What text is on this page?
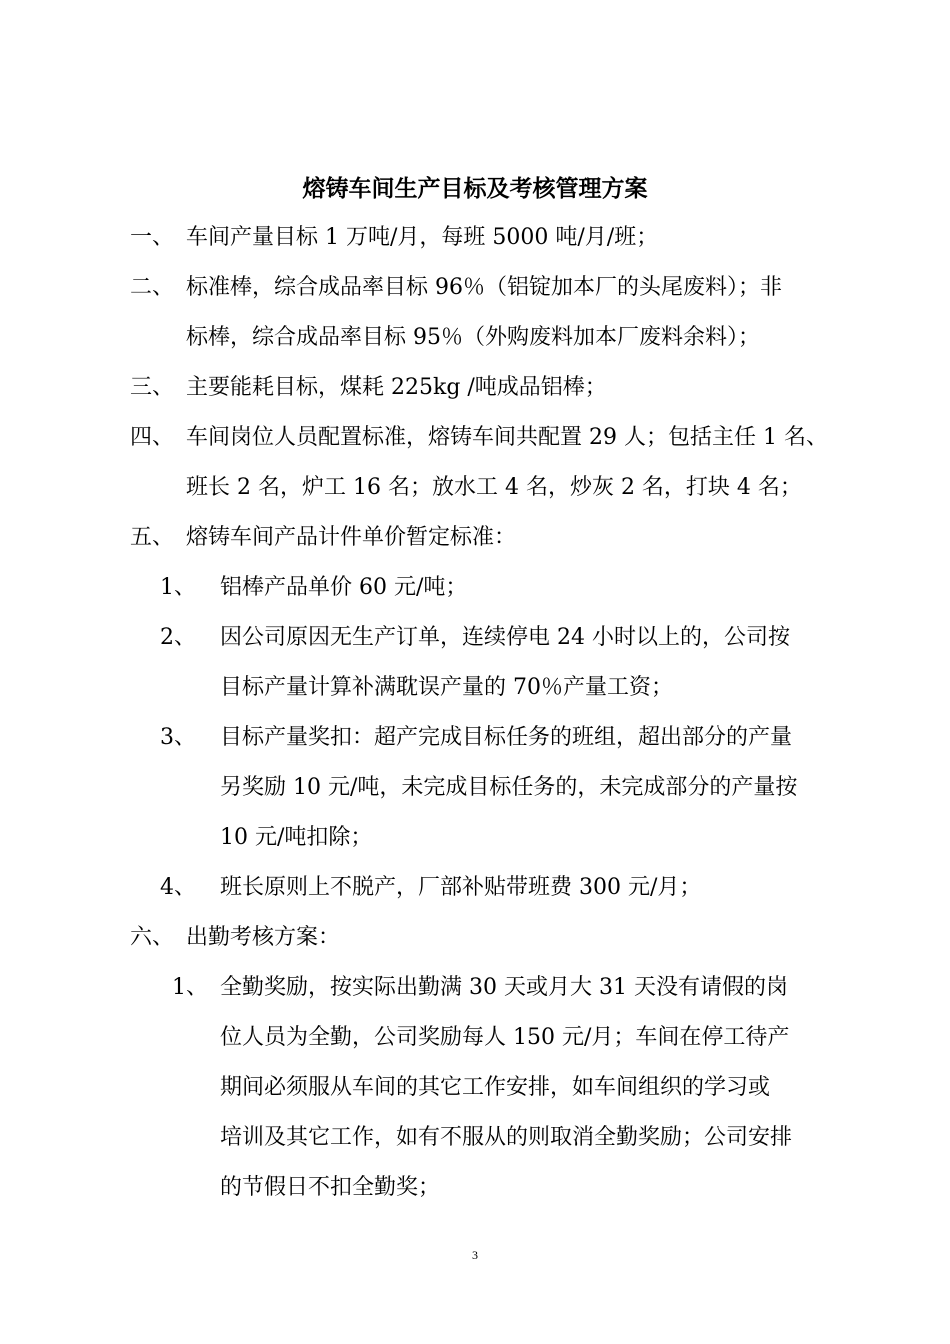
熔铸车间生产目标及考核管理方案
一、 车间产量目标 1 万吨/月，每班 5000 吨/月/班；
二、 标准棒，综合成品率目标 96％（铝锭加本厂的头尾废料）；非
标棒，综合成品率目标 95％（外购废料加本厂废料余料）；
三、 主要能耗目标，煤耗 225kg /吨成品铝棒；
四、 车间岗位人员配置标准，熔铸车间共配置 29 人；包括主任 1 名、
班长 2 名，炉工 16 名；放水工 4 名，炒灰 2 名，打块 4 名；
五、 熔铸车间产品计件单价暂定标准：
1、 铝棒产品单价 60 元/吨；
2、 因公司原因无生产订单，连续停电 24 小时以上的，公司按
目标产量计算补满耽误产量的 70％产量工资；
3、 目标产量奖扣：超产完成目标任务的班组，超出部分的产量
另奖励 10 元/吨，未完成目标任务的，未完成部分的产量按
10 元/吨扣除；
4、 班长原则上不脱产，厂部补贴带班费 300 元/月；
六、 出勤考核方案：
1、 全勤奖励，按实际出勤满 30 天或月大 31 天没有请假的岗
位人员为全勤，公司奖励每人 150 元/月；车间在停工待产
期间必须服从车间的其它工作安排，如车间组织的学习或
培训及其它工作，如有不服从的则取消全勤奖励；公司安排
的节假日不扣全勤奖；
3
